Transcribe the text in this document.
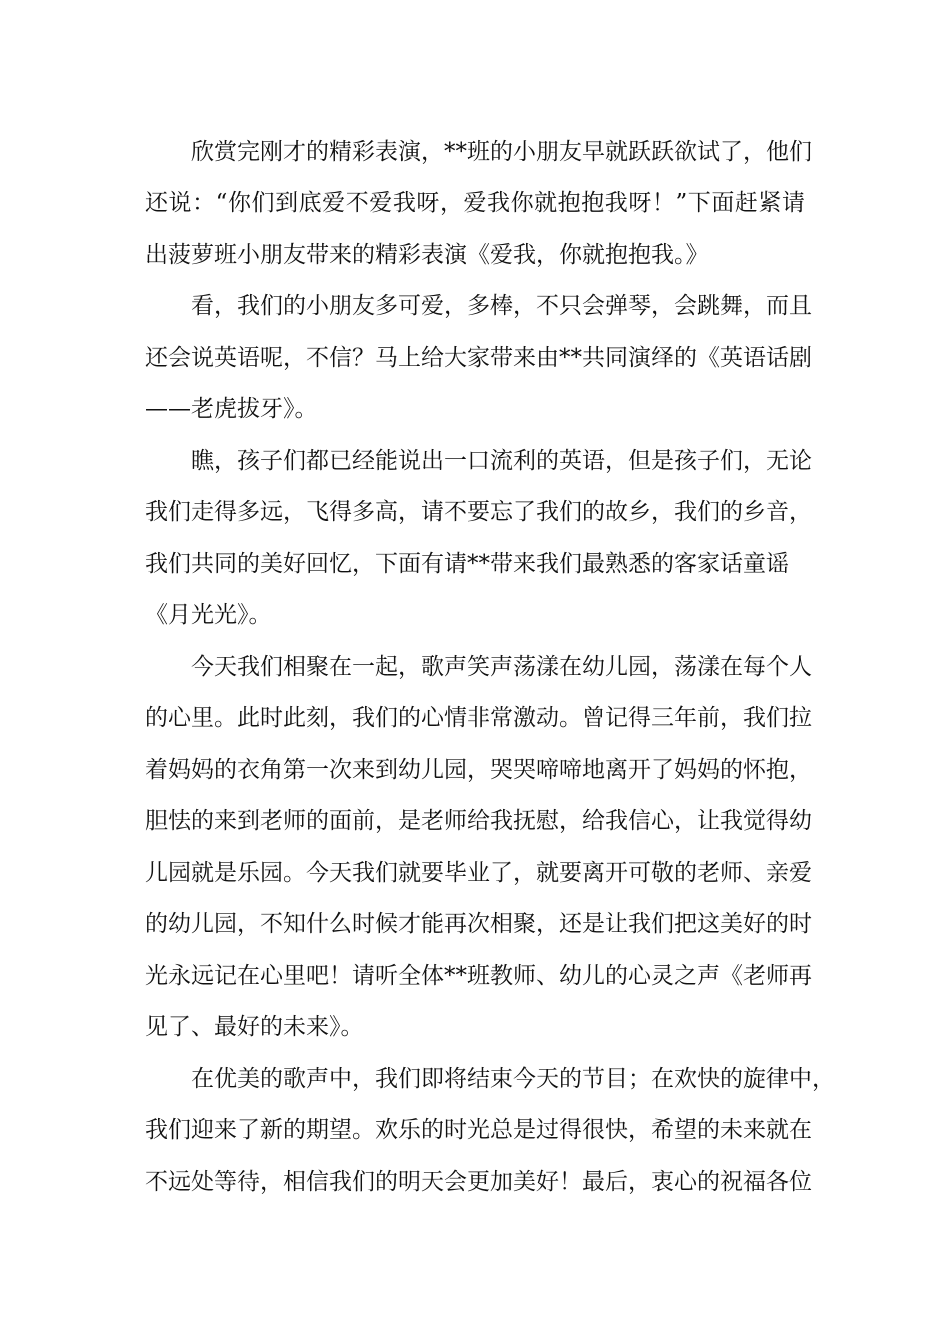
欣赏完刚才的精彩表演，**班的小朋友早就跃跃欲试了，他们
还说：“你们到底爱不爱我呀，爱我你就抱抱我呀！”下面赶紧请
出菠萝班小朋友带来的精彩表演《爱我，你就抱抱我。》
看，我们的小朋友多可爱，多棒，不只会弹琴，会跳舞，而且
还会说英语呢，不信？马上给大家带来由**共同演绎的《英语话剧
——老虎拔牙》。
瞧，孩子们都已经能说出一口流利的英语，但是孩子们，无论
我们走得多远，飞得多高，请不要忘了我们的故乡，我们的乡音，
我们共同的美好回忆，下面有请**带来我们最熟悉的客家话童谣
《月光光》。
今天我们相聚在一起，歌声笑声荡漾在幼儿园，荡漾在每个人
的心里。此时此刻，我们的心情非常激动。曾记得三年前，我们拉
着妈妈的衣角第一次来到幼儿园，哭哭啼啼地离开了妈妈的怀抱，
胆怯的来到老师的面前，是老师给我抚慰，给我信心，让我觉得幼
儿园就是乐园。今天我们就要毕业了，就要离开可敬的老师、亲爱
的幼儿园，不知什么时候才能再次相聚，还是让我们把这美好的时
光永远记在心里吧！请听全体**班教师、幼儿的心灵之声《老师再
见了、最好的未来》。
在优美的歌声中，我们即将结束今天的节目；在欢快的旋律中，
我们迎来了新的期望。欢乐的时光总是过得很快，希望的未来就在
不远处等待，相信我们的明天会更加美好！最后，衷心的祝福各位
